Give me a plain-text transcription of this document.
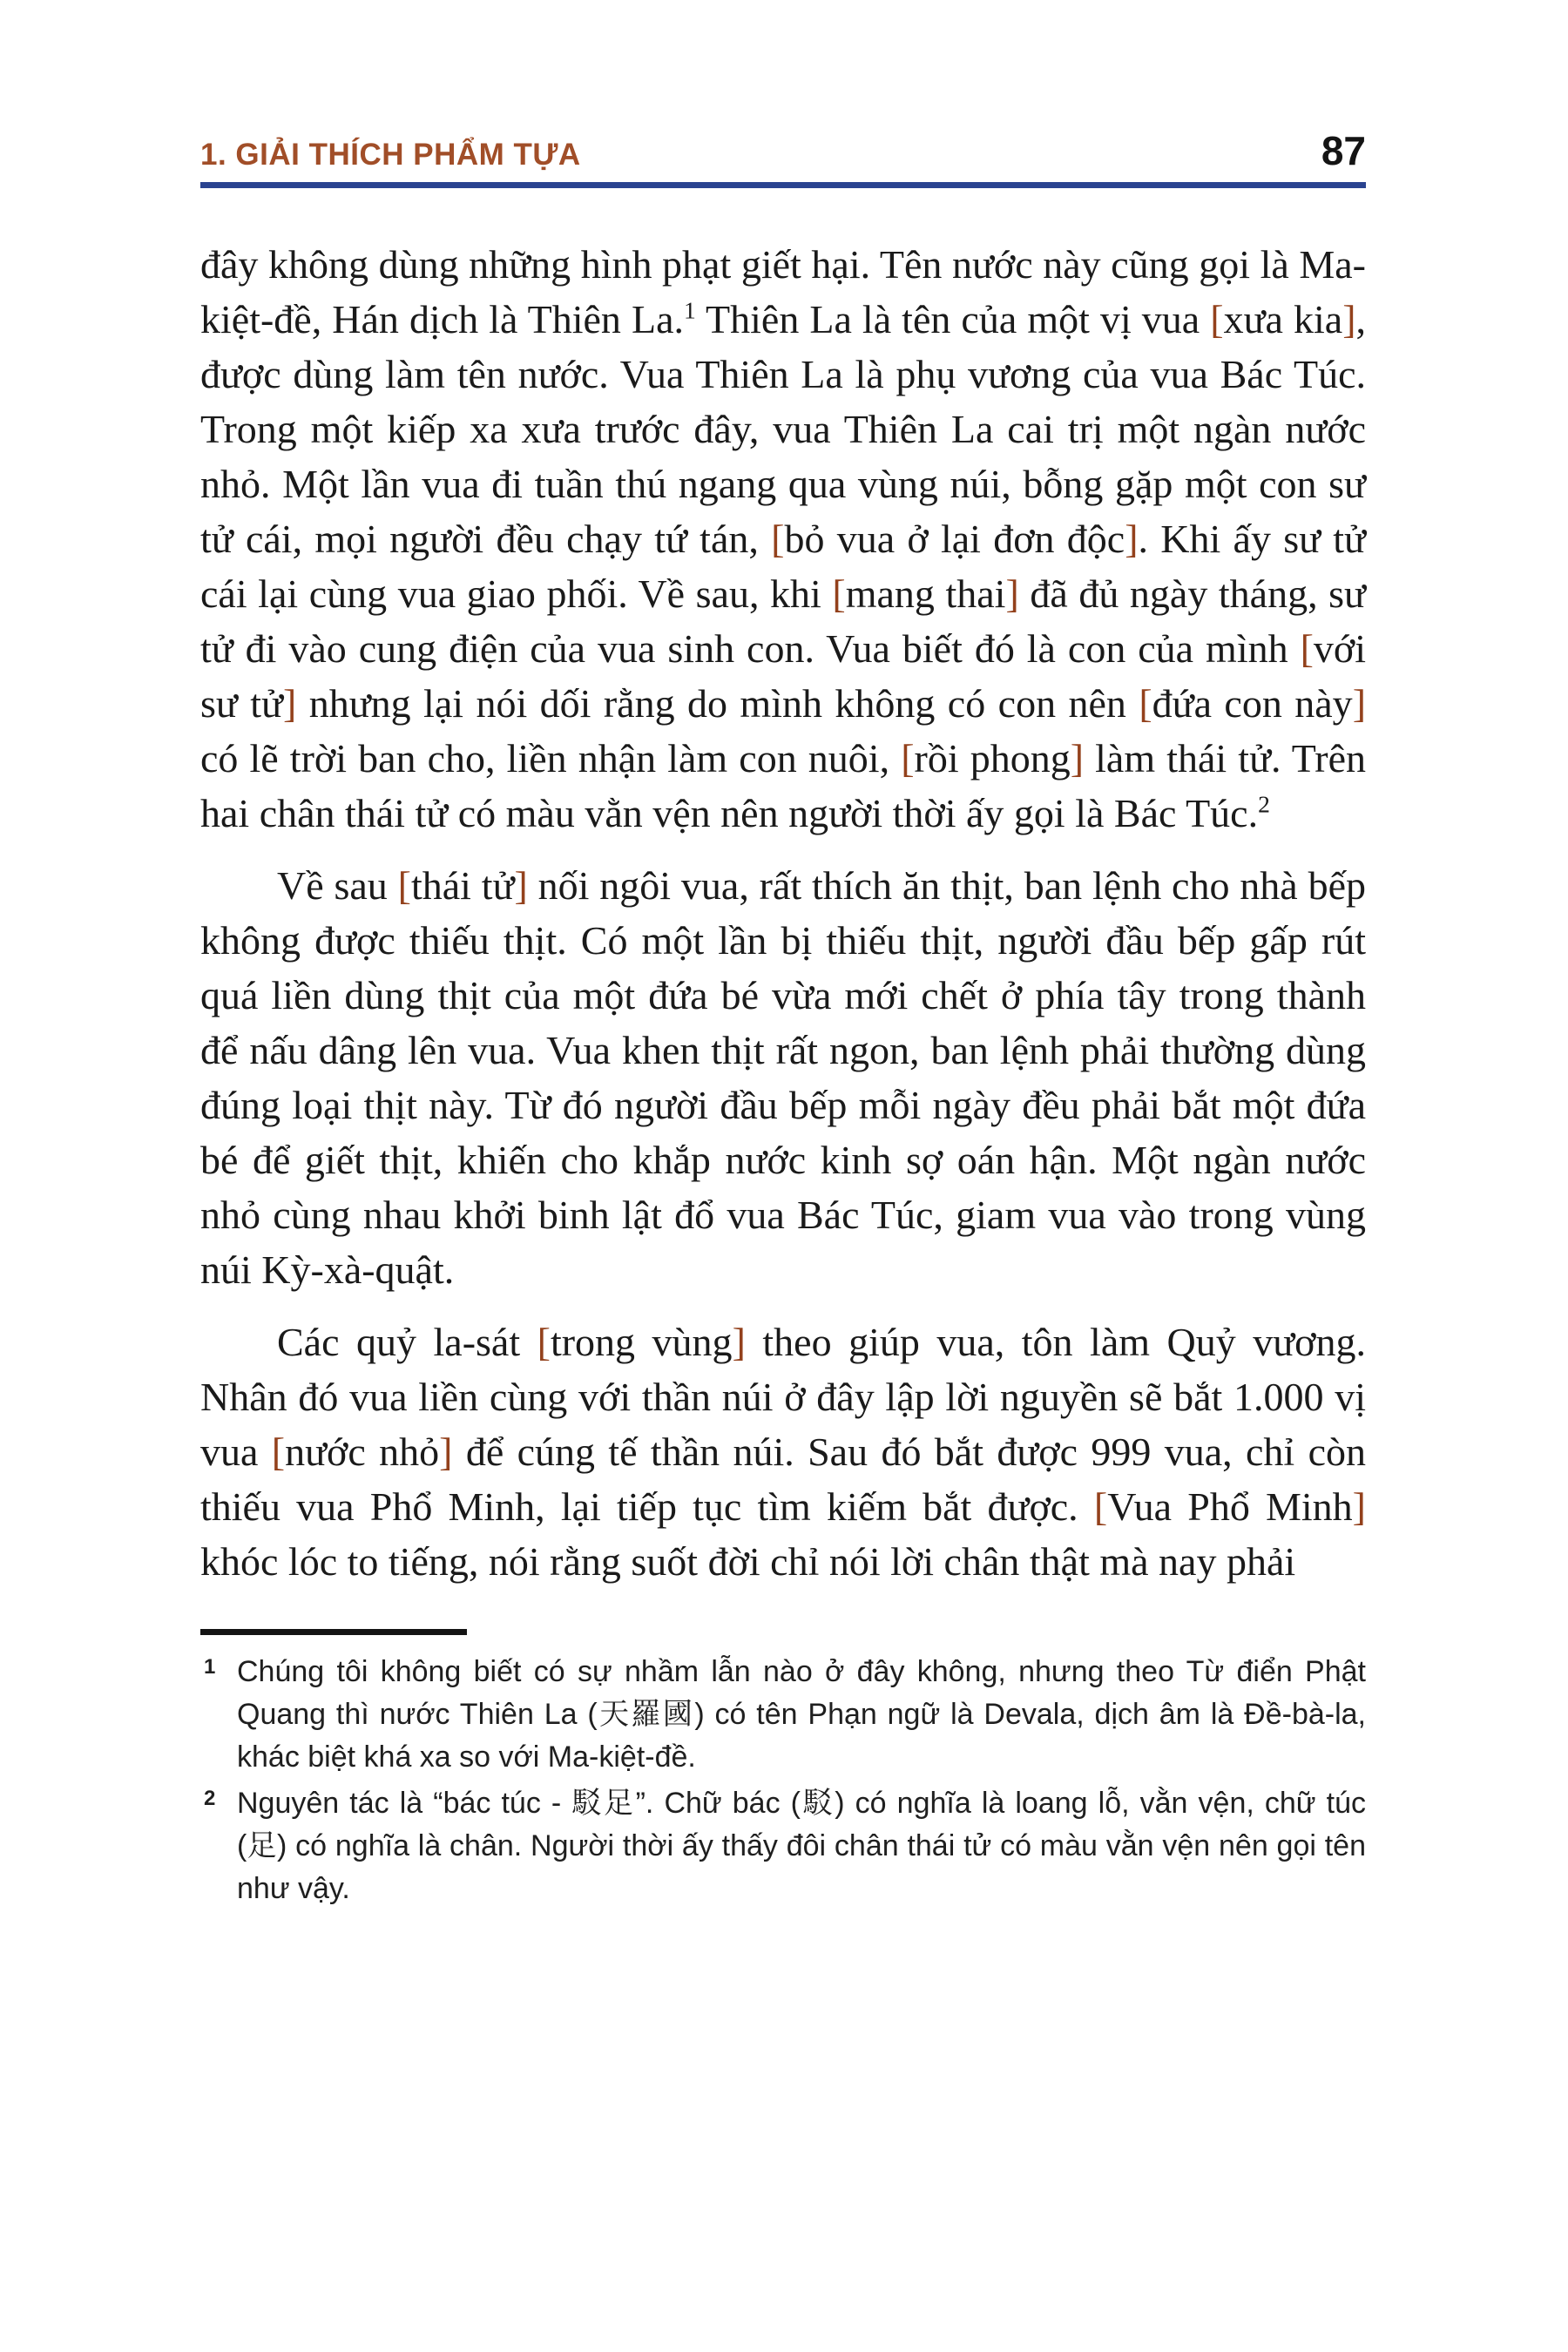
1. GIẢI THÍCH PHẨM TỰA	87

đây không dùng những hình phạt giết hại. Tên nước này cũng gọi là Ma-kiệt-đề, Hán dịch là Thiên La.$^1$ Thiên La là tên của một vị vua [xưa kia], được dùng làm tên nước. Vua Thiên La là phụ vương của vua Bác Túc. Trong một kiếp xa xưa trước đây, vua Thiên La cai trị một ngàn nước nhỏ. Một lần vua đi tuần thú ngang qua vùng núi, bỗng gặp một con sư tử cái, mọi người đều chạy tứ tán, [bỏ vua ở lại đơn độc]. Khi ấy sư tử cái lại cùng vua giao phối. Về sau, khi [mang thai] đã đủ ngày tháng, sư tử đi vào cung điện của vua sinh con. Vua biết đó là con của mình [với sư tử] nhưng lại nói dối rằng do mình không có con nên [đứa con này] có lẽ trời ban cho, liền nhận làm con nuôi, [rồi phong] làm thái tử. Trên hai chân thái tử có màu vằn vện nên người thời ấy gọi là Bác Túc.$^2$

Về sau [thái tử] nối ngôi vua, rất thích ăn thịt, ban lệnh cho nhà bếp không được thiếu thịt. Có một lần bị thiếu thịt, người đầu bếp gấp rút quá liền dùng thịt của một đứa bé vừa mới chết ở phía tây trong thành để nấu dâng lên vua. Vua khen thịt rất ngon, ban lệnh phải thường dùng đúng loại thịt này. Từ đó người đầu bếp mỗi ngày đều phải bắt một đứa bé để giết thịt, khiến cho khắp nước kinh sợ oán hận. Một ngàn nước nhỏ cùng nhau khởi binh lật đổ vua Bác Túc, giam vua vào trong vùng núi Kỳ-xà-quật.

Các quỷ la-sát [trong vùng] theo giúp vua, tôn làm Quỷ vương. Nhân đó vua liền cùng với thần núi ở đây lập lời nguyền sẽ bắt 1.000 vị vua [nước nhỏ] để cúng tế thần núi. Sau đó bắt được 999 vua, chỉ còn thiếu vua Phổ Minh, lại tiếp tục tìm kiếm bắt được. [Vua Phổ Minh] khóc lóc to tiếng, nói rằng suốt đời chỉ nói lời chân thật mà nay phải

1 Chúng tôi không biết có sự nhầm lẫn nào ở đây không, nhưng theo Từ điển Phật Quang thì nước Thiên La (天羅國) có tên Phạn ngữ là Devala, dịch âm là Đề-bà-la, khác biệt khá xa so với Ma-kiệt-đề.
2 Nguyên tác là “bác túc - 駁足”. Chữ bác (駁) có nghĩa là loang lỗ, vằn vện, chữ túc (足) có nghĩa là chân. Người thời ấy thấy đôi chân thái tử có màu vằn vện nên gọi tên như vậy.
